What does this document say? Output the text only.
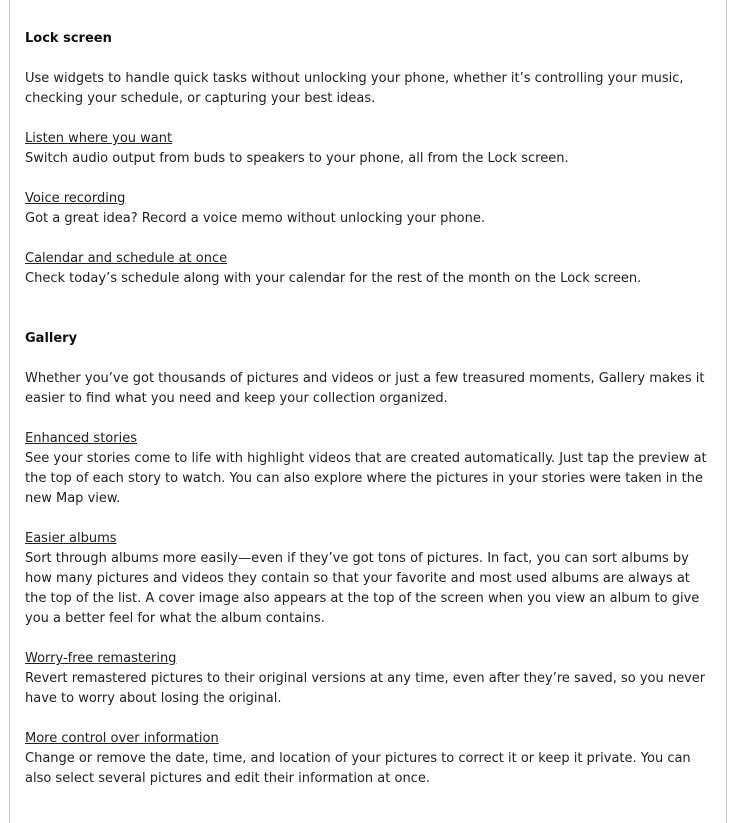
Lock screen

Use widgets to handle quick tasks without unlocking your phone, whether it’s controlling your music, checking your schedule, or capturing your best ideas.

Listen where you want

Switch audio output from buds to speakers to your phone, all from the Lock screen.

Voice recording

Got a great idea? Record a voice memo without unlocking your phone.

Calendar and schedule at once

Check today’s schedule along with your calendar for the rest of the month on the Lock screen.

Gallery

Whether you’ve got thousands of pictures and videos or just a few treasured moments, Gallery makes it easier to find what you need and keep your collection organized.

Enhanced stories

See your stories come to life with highlight videos that are created automatically. Just tap the preview at the top of each story to watch. You can also explore where the pictures in your stories were taken in the new Map view.

Easier albums

Sort through albums more easily—even if they’ve got tons of pictures. In fact, you can sort albums by how many pictures and videos they contain so that your favorite and most used albums are always at the top of the list. A cover image also appears at the top of the screen when you view an album to give you a better feel for what the album contains.

Worry-free remastering

Revert remastered pictures to their original versions at any time, even after they’re saved, so you never have to worry about losing the original.

More control over information

Change or remove the date, time, and location of your pictures to correct it or keep it private. You can also select several pictures and edit their information at once.
